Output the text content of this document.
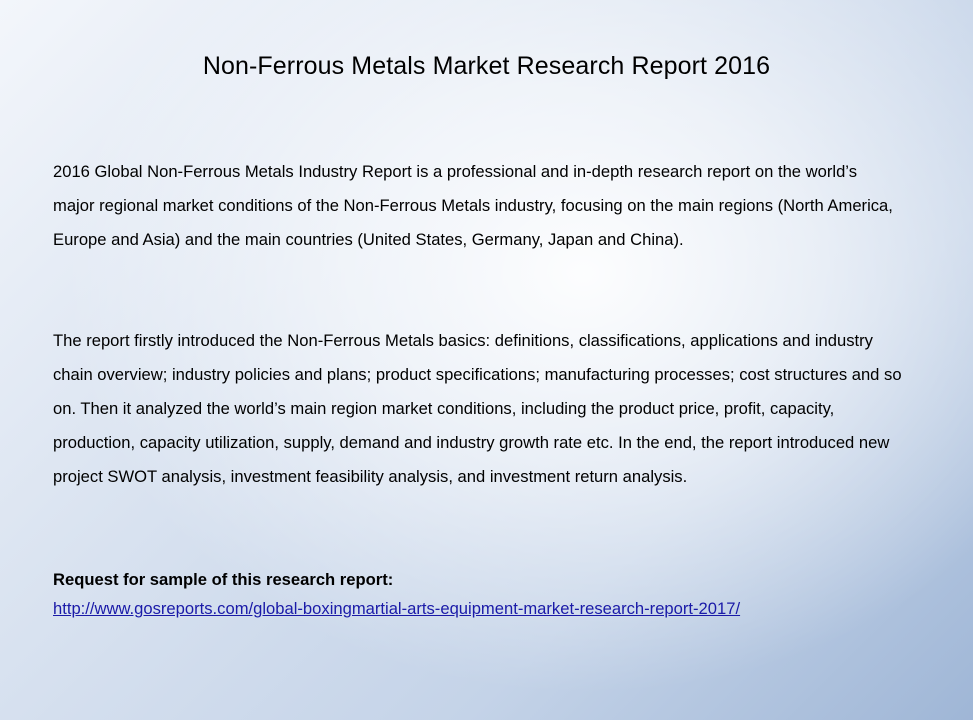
Non-Ferrous Metals Market Research Report 2016

2016 Global Non-Ferrous Metals Industry Report is a professional and in-depth research report on the world’s major regional market conditions of the Non-Ferrous Metals industry, focusing on the main regions (North America, Europe and Asia) and the main countries (United States, Germany, Japan and China).

The report firstly introduced the Non-Ferrous Metals basics: definitions, classifications, applications and industry chain overview; industry policies and plans; product specifications; manufacturing processes; cost structures and so on. Then it analyzed the world’s main region market conditions, including the product price, profit, capacity, production, capacity utilization, supply, demand and industry growth rate etc. In the end, the report introduced new project SWOT analysis, investment feasibility analysis, and investment return analysis.

Request for sample of this research report:

http://www.gosreports.com/global-boxingmartial-arts-equipment-market-research-report-2017/
